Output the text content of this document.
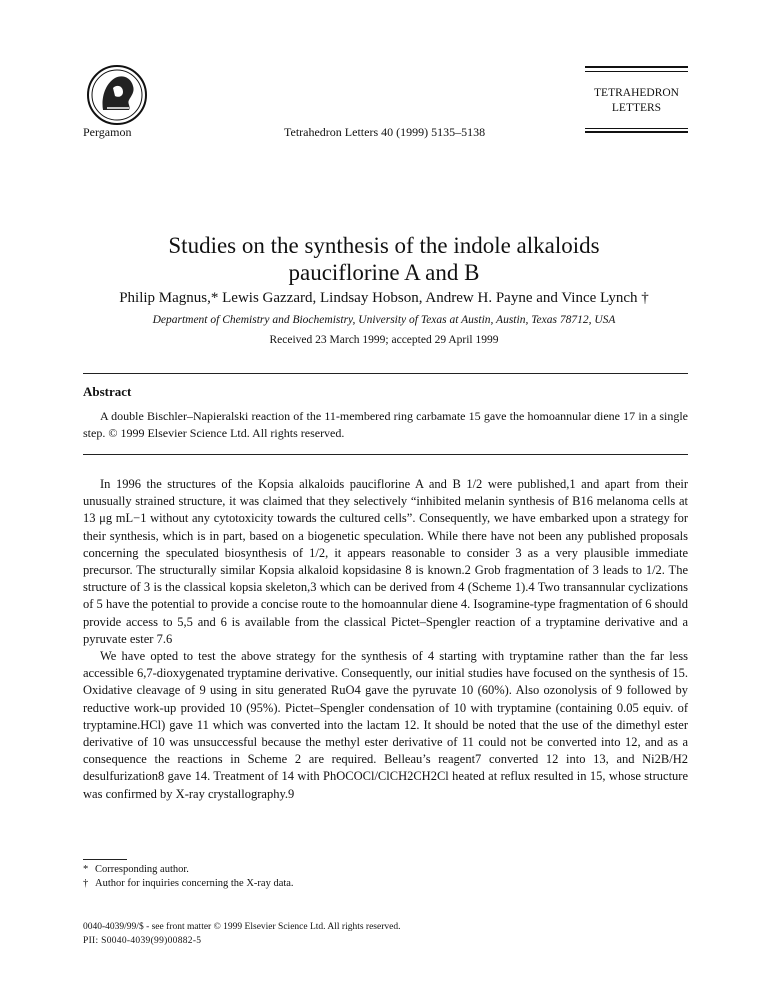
Pergamon	Tetrahedron Letters 40 (1999) 5135–5138
TETRAHEDRON
LETTERS
Studies on the synthesis of the indole alkaloids
pauciflorine A and B
Philip Magnus,* Lewis Gazzard, Lindsay Hobson, Andrew H. Payne and Vince Lynch †
Department of Chemistry and Biochemistry, University of Texas at Austin, Austin, Texas 78712, USA
Received 23 March 1999; accepted 29 April 1999
Abstract
A double Bischler–Napieralski reaction of the 11-membered ring carbamate 15 gave the homoannular diene 17 in a single step. © 1999 Elsevier Science Ltd. All rights reserved.

In 1996 the structures of the Kopsia alkaloids pauciflorine A and B 1/2 were published,1 and apart from their unusually strained structure, it was claimed that they selectively “inhibited melanin synthesis of B16 melanoma cells at 13 μg mL−1 without any cytotoxicity towards the cultured cells”. Consequently, we have embarked upon a strategy for their synthesis, which is in part, based on a biogenetic speculation. While there have not been any published proposals concerning the speculated biosynthesis of 1/2, it appears reasonable to consider 3 as a very plausible immediate precursor. The structurally similar Kopsia alkaloid kopsidasine 8 is known.2 Grob fragmentation of 3 leads to 1/2. The structure of 3 is the classical kopsia skeleton,3 which can be derived from 4 (Scheme 1).4 Two transannular cyclizations of 5 have the potential to provide a concise route to the homoannular diene 4. Isogramine-type fragmentation of 6 should provide access to 5,5 and 6 is available from the classical Pictet–Spengler reaction of a tryptamine derivative and a pyruvate ester 7.6

We have opted to test the above strategy for the synthesis of 4 starting with tryptamine rather than the far less accessible 6,7-dioxygenated tryptamine derivative. Consequently, our initial studies have focused on the synthesis of 15. Oxidative cleavage of 9 using in situ generated RuO4 gave the pyruvate 10 (60%). Also ozonolysis of 9 followed by reductive work-up provided 10 (95%). Pictet–Spengler condensation of 10 with tryptamine (containing 0.05 equiv. of tryptamine.HCl) gave 11 which was converted into the lactam 12. It should be noted that the use of the dimethyl ester derivative of 10 was unsuccessful because the methyl ester derivative of 11 could not be converted into 12, and as a consequence the reactions in Scheme 2 are required. Belleau’s reagent7 converted 12 into 13, and Ni2B/H2 desulfurization8 gave 14. Treatment of 14 with PhOCOCl/ClCH2CH2Cl heated at reflux resulted in 15, whose structure was confirmed by X-ray crystallography.9

* Corresponding author.
† Author for inquiries concerning the X-ray data.
0040-4039/99/$ - see front matter © 1999 Elsevier Science Ltd. All rights reserved.
PII: S0040-4039(99)00882-5
